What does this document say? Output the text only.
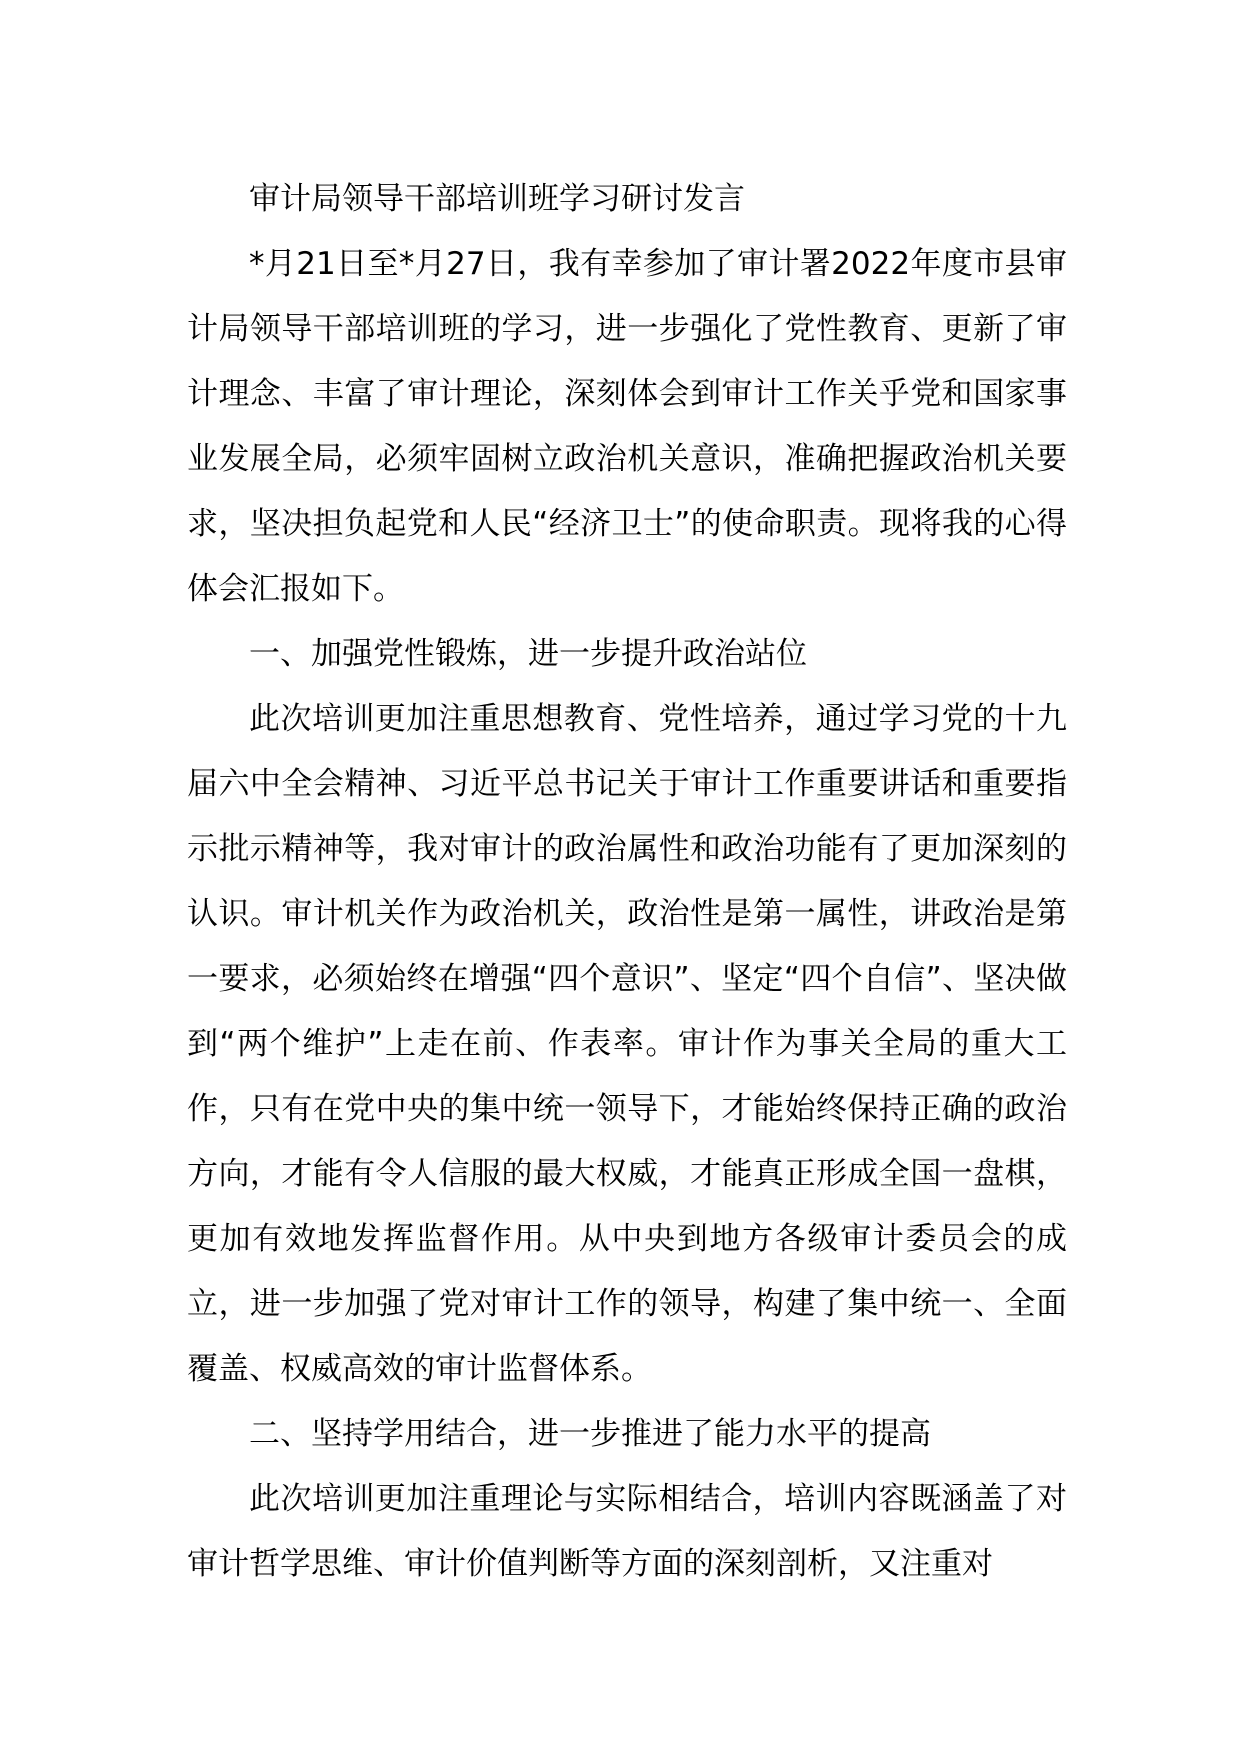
审计局领导干部培训班学习研讨发言

*月21日至*月27日，我有幸参加了审计署2022年度市县审计局领导干部培训班的学习，进一步强化了党性教育、更新了审计理念、丰富了审计理论，深刻体会到审计工作关乎党和国家事业发展全局，必须牢固树立政治机关意识，准确把握政治机关要求，坚决担负起党和人民“经济卫士”的使命职责。现将我的心得体会汇报如下。

一、加强党性锻炼，进一步提升政治站位

此次培训更加注重思想教育、党性培养，通过学习党的十九届六中全会精神、习近平总书记关于审计工作重要讲话和重要指示批示精神等，我对审计的政治属性和政治功能有了更加深刻的认识。审计机关作为政治机关，政治性是第一属性，讲政治是第一要求，必须始终在增强“四个意识”、坚定“四个自信”、坚决做到“两个维护”上走在前、作表率。审计作为事关全局的重大工作，只有在党中央的集中统一领导下，才能始终保持正确的政治方向，才能有令人信服的最大权威，才能真正形成全国一盘棋，更加有效地发挥监督作用。从中央到地方各级审计委员会的成立，进一步加强了党对审计工作的领导，构建了集中统一、全面覆盖、权威高效的审计监督体系。

二、坚持学用结合，进一步推进了能力水平的提高

此次培训更加注重理论与实际相结合，培训内容既涵盖了对审计哲学思维、审计价值判断等方面的深刻剖析，又注重对
